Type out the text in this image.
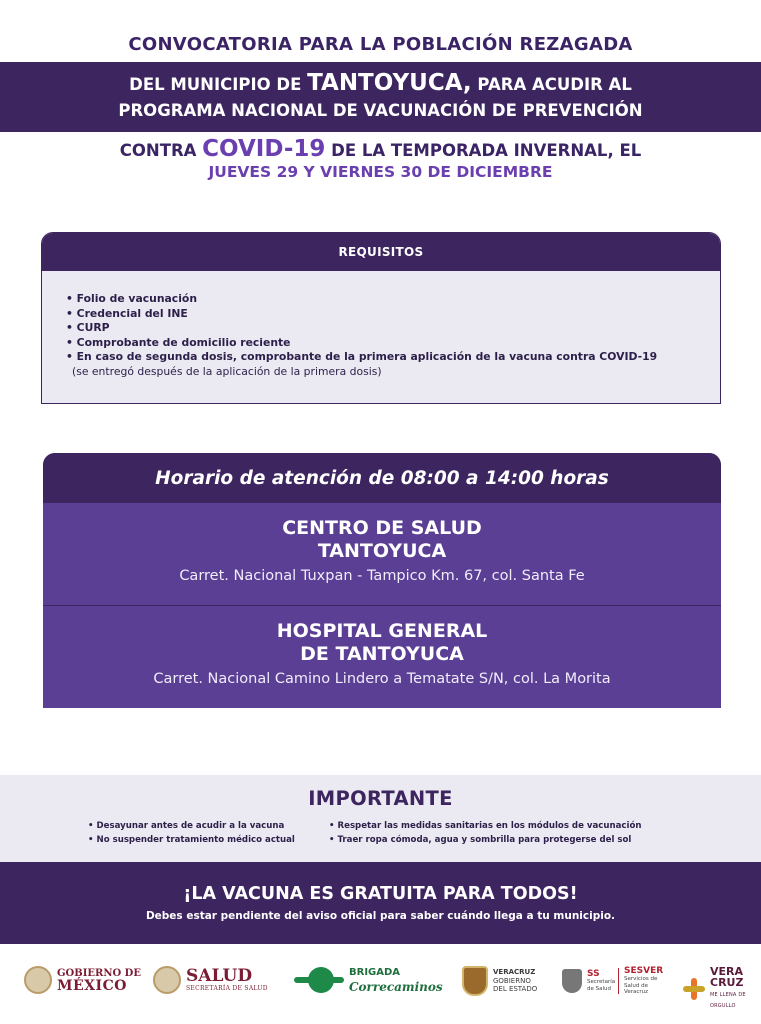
CONVOCATORIA PARA LA POBLACIÓN REZAGADA
DEL MUNICIPIO DE TANTOYUCA, PARA ACUDIR AL
PROGRAMA NACIONAL DE VACUNACIÓN DE PREVENCIÓN
CONTRA COVID-19 DE LA TEMPORADA INVERNAL, EL
JUEVES 29 Y VIERNES 30 DE DICIEMBRE
REQUISITOS
• Folio de vacunación
• Credencial del INE
• CURP
• Comprobante de domicilio reciente
• En caso de segunda dosis, comprobante de la primera aplicación de la vacuna contra COVID-19
(se entregó después de la aplicación de la primera dosis)
Horario de atención de 08:00 a 14:00 horas
CENTRO DE SALUD
TANTOYUCA
Carret. Nacional Tuxpan - Tampico Km. 67, col. Santa Fe
HOSPITAL GENERAL
DE TANTOYUCA
Carret. Nacional Camino Lindero a Tematate S/N, col. La Morita
IMPORTANTE
• Desayunar antes de acudir a la vacuna
• No suspender tratamiento médico actual
• Respetar las medidas sanitarias en los módulos de vacunación
• Traer ropa cómoda, agua y sombrilla para protegerse del sol
¡LA VACUNA ES GRATUITA PARA TODOS!
Debes estar pendiente del aviso oficial para saber cuándo llega a tu municipio.
GOBIERNO DE
MÉXICO	SALUD
SECRETARÍA DE SALUD
BRIGADA
Correcaminos
VERACRUZ
GOBIERNO
DEL ESTADO
SS
Secretaría de Salud
SESVER
Servicios de Salud de Veracruz
VERA CRUZ
ME LLENA DE ORGULLO
